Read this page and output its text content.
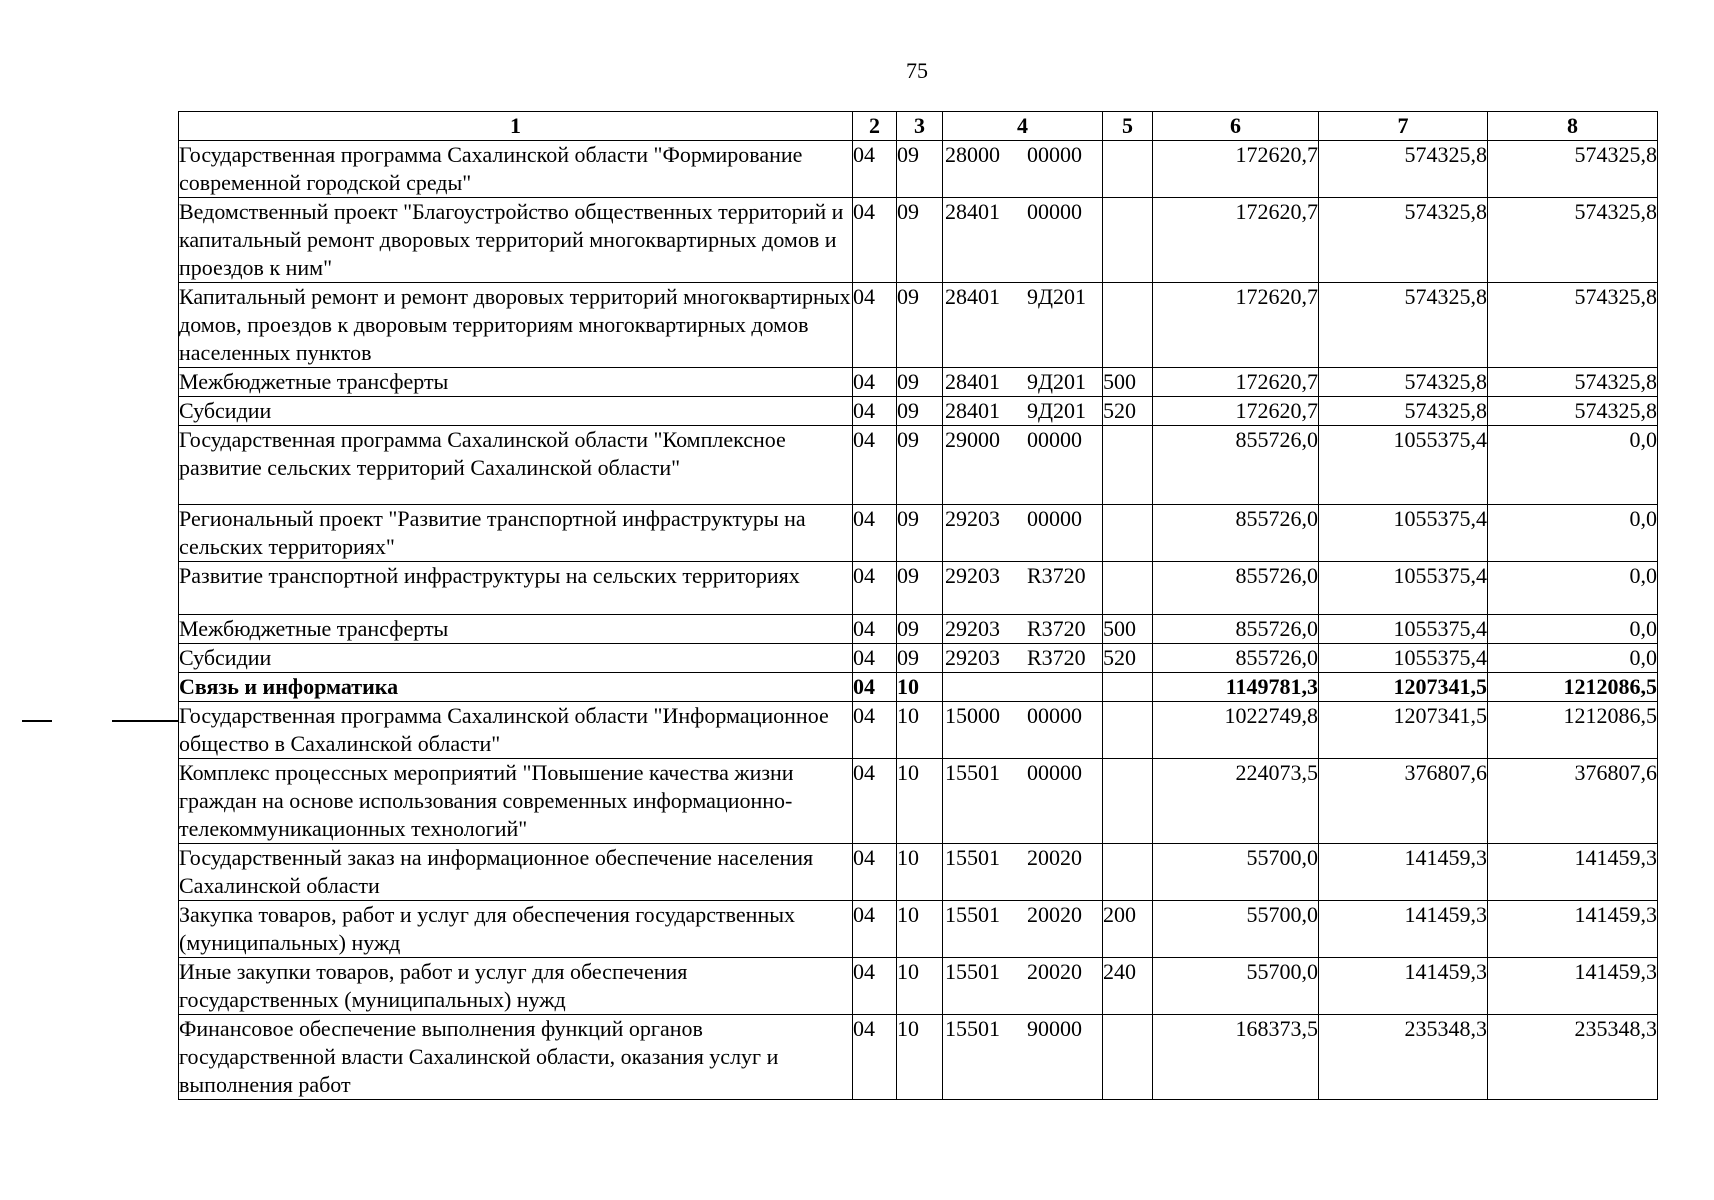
75
1	2	3	4	5	6	7	8
Государственная программа Сахалинской области "Формирование современной городской среды"	04	09	28000 00000		172620,7	574325,8	574325,8
Ведомственный проект "Благоустройство общественных территорий и капитальный ремонт дворовых территорий многоквартирных домов и проездов к ним"	04	09	28401 00000		172620,7	574325,8	574325,8
Капитальный ремонт и ремонт дворовых территорий многоквартирных домов, проездов к дворовым территориям многоквартирных домов населенных пунктов	04	09	28401 9Д201		172620,7	574325,8	574325,8
Межбюджетные трансферты	04	09	28401 9Д201	500	172620,7	574325,8	574325,8
Субсидии	04	09	28401 9Д201	520	172620,7	574325,8	574325,8
Государственная программа Сахалинской области "Комплексное развитие сельских территорий Сахалинской области"	04	09	29000 00000		855726,0	1055375,4	0,0
Региональный проект "Развитие транспортной инфраструктуры на сельских территориях"	04	09	29203 00000		855726,0	1055375,4	0,0
Развитие транспортной инфраструктуры на сельских территориях	04	09	29203 R3720		855726,0	1055375,4	0,0
Межбюджетные трансферты	04	09	29203 R3720	500	855726,0	1055375,4	0,0
Субсидии	04	09	29203 R3720	520	855726,0	1055375,4	0,0
Связь и информатика	04	10			1149781,3	1207341,5	1212086,5
Государственная программа Сахалинской области "Информационное общество в Сахалинской области"	04	10	15000 00000		1022749,8	1207341,5	1212086,5
Комплекс процессных мероприятий "Повышение качества жизни граждан на основе использования современных информационно-телекоммуникационных технологий"	04	10	15501 00000		224073,5	376807,6	376807,6
Государственный заказ на информационное обеспечение населения Сахалинской области	04	10	15501 20020		55700,0	141459,3	141459,3
Закупка товаров, работ и услуг для обеспечения государственных (муниципальных) нужд	04	10	15501 20020	200	55700,0	141459,3	141459,3
Иные закупки товаров, работ и услуг для обеспечения государственных (муниципальных) нужд	04	10	15501 20020	240	55700,0	141459,3	141459,3
Финансовое обеспечение выполнения функций органов государственной власти Сахалинской области, оказания услуг и выполнения работ	04	10	15501 90000		168373,5	235348,3	235348,3
